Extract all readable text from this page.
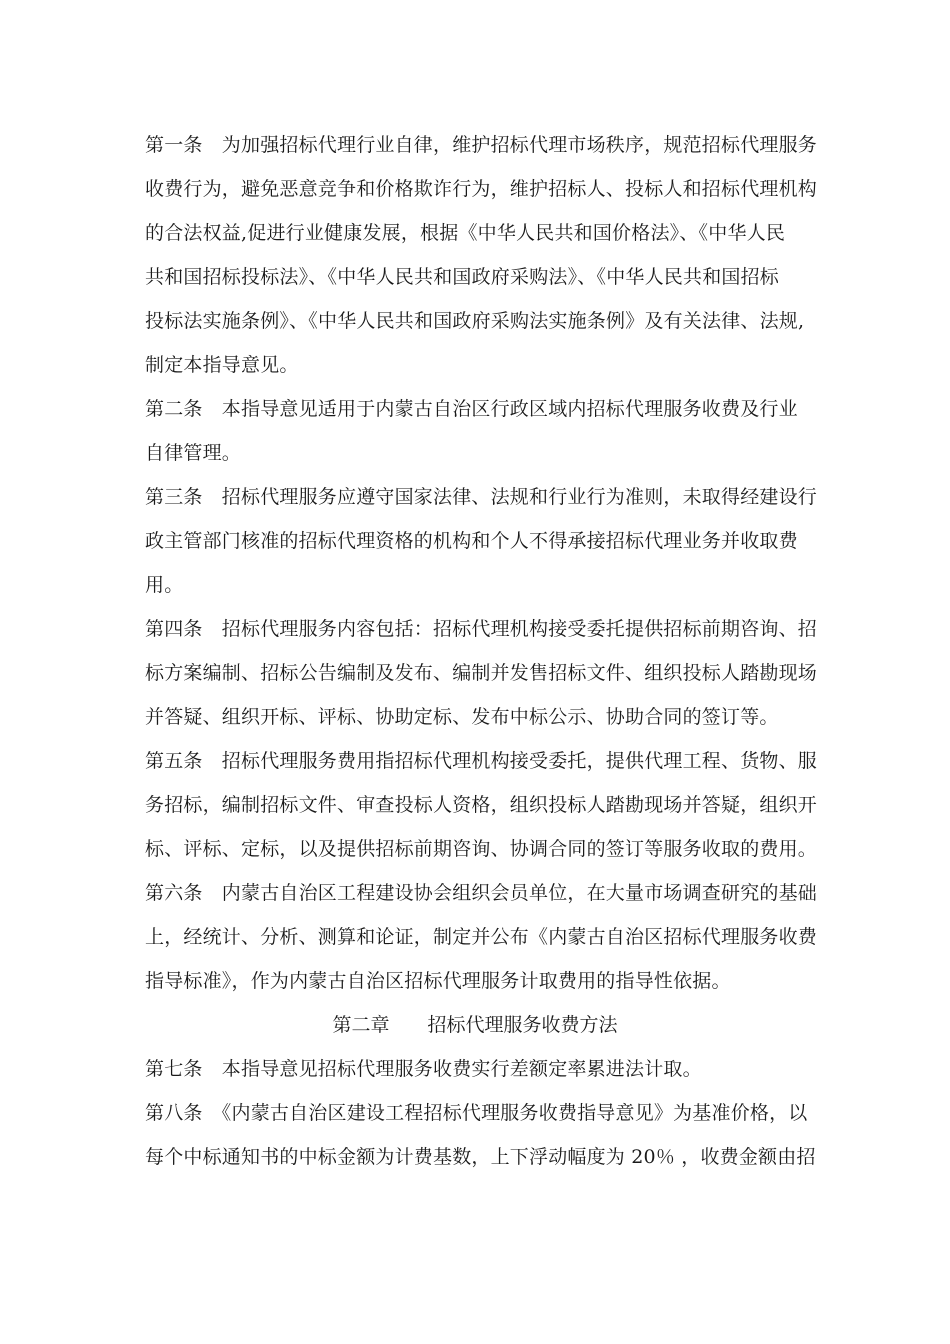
第一条　为加强招标代理行业自律，维护招标代理市场秩序，规范招标代理服务
收费行为，避免恶意竞争和价格欺诈行为，维护招标人、投标人和招标代理机构
的合法权益,促进行业健康发展，根据《中华人民共和国价格法》、《中华人民
共和国招标投标法》、《中华人民共和国政府采购法》、《中华人民共和国招标
投标法实施条例》、《中华人民共和国政府采购法实施条例》及有关法律、法规,
制定本指导意见。
第二条　本指导意见适用于内蒙古自治区行政区域内招标代理服务收费及行业
自律管理。
第三条　招标代理服务应遵守国家法律、法规和行业行为准则，未取得经建设行
政主管部门核准的招标代理资格的机构和个人不得承接招标代理业务并收取费
用。
第四条　招标代理服务内容包括：招标代理机构接受委托提供招标前期咨询、招
标方案编制、招标公告编制及发布、编制并发售招标文件、组织投标人踏勘现场
并答疑、组织开标、评标、协助定标、发布中标公示、协助合同的签订等。
第五条　招标代理服务费用指招标代理机构接受委托，提供代理工程、货物、服
务招标，编制招标文件、审查投标人资格，组织投标人踏勘现场并答疑，组织开
标、评标、定标，以及提供招标前期咨询、协调合同的签订等服务收取的费用。
第六条　内蒙古自治区工程建设协会组织会员单位，在大量市场调查研究的基础
上，经统计、分析、测算和论证，制定并公布《内蒙古自治区招标代理服务收费
指导标准》，作为内蒙古自治区招标代理服务计取费用的指导性依据。
第二章　　招标代理服务收费方法
第七条　本指导意见招标代理服务收费实行差额定率累进法计取。
第八条　《内蒙古自治区建设工程招标代理服务收费指导意见》为基准价格，以
每个中标通知书的中标金额为计费基数，上下浮动幅度为 20％ ，收费金额由招
